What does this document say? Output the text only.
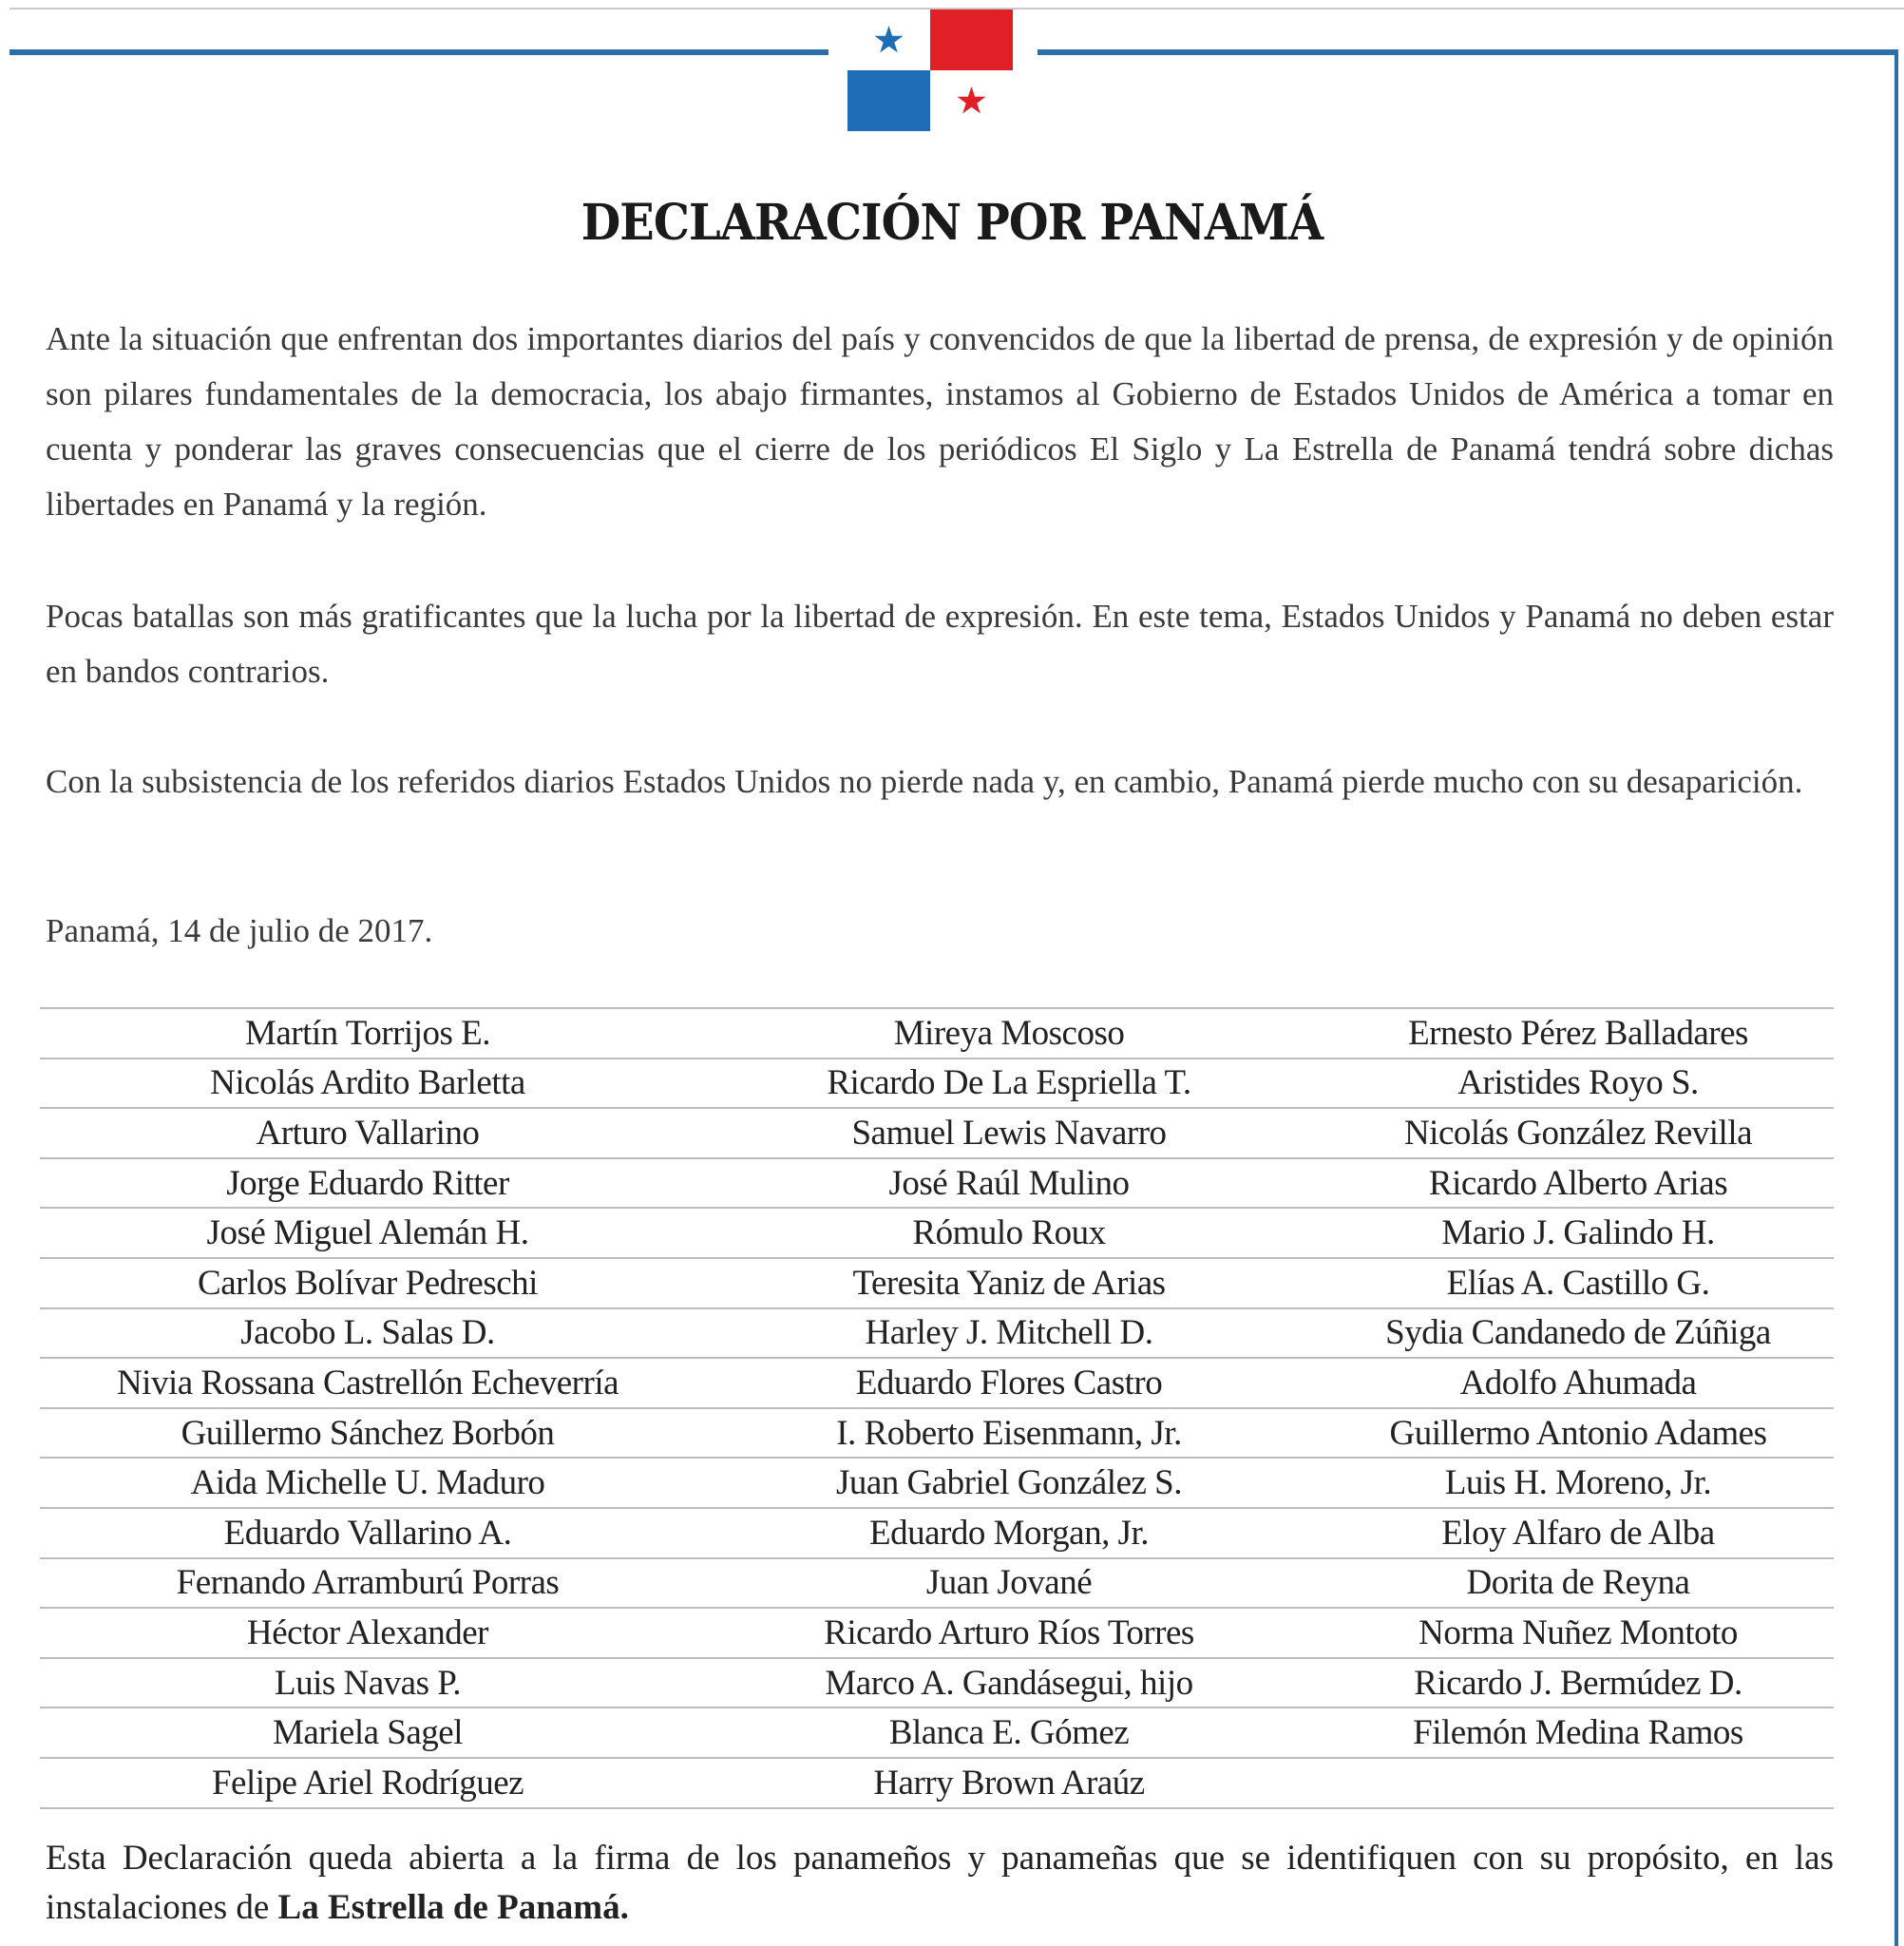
DECLARACIÓN POR PANAMÁ
Ante la situación que enfrentan dos importantes diarios del país y convencidos de que la libertad de prensa, de expresión y de opinión son pilares fundamentales de la democracia, los abajo firmantes, instamos al Gobierno de Estados Unidos de América a tomar en cuenta y ponderar las graves consecuencias que el cierre de los periódicos El Siglo y La Estrella de Panamá tendrá sobre dichas libertades en Panamá y la región.
Pocas batallas son más gratificantes que la lucha por la libertad de expresión. En este tema, Estados Unidos y Panamá no deben estar en bandos contrarios.
Con la subsistencia de los referidos diarios Estados Unidos no pierde nada y, en cambio, Panamá pierde mucho con su desaparición.
Panamá, 14 de julio de 2017.
Martín Torrijos E.	Mireya Moscoso	Ernesto Pérez Balladares
Nicolás Ardito Barletta	Ricardo De La Espriella T.	Aristides Royo S.
Arturo Vallarino	Samuel Lewis Navarro	Nicolás González Revilla
Jorge Eduardo Ritter	José Raúl Mulino	Ricardo Alberto Arias
José Miguel Alemán H.	Rómulo Roux	Mario J. Galindo H.
Carlos Bolívar Pedreschi	Teresita Yaniz de Arias	Elías A. Castillo G.
Jacobo L. Salas D.	Harley J. Mitchell D.	Sydia Candanedo de Zúñiga
Nivia Rossana Castrellón Echeverría	Eduardo Flores Castro	Adolfo Ahumada
Guillermo Sánchez Borbón	I. Roberto Eisenmann, Jr.	Guillermo Antonio Adames
Aida Michelle U. Maduro	Juan Gabriel González S.	Luis H. Moreno, Jr.
Eduardo Vallarino A.	Eduardo Morgan, Jr.	Eloy Alfaro de Alba
Fernando Arramburú Porras	Juan Jované	Dorita de Reyna
Héctor Alexander	Ricardo Arturo Ríos Torres	Norma Nuñez Montoto
Luis Navas P.	Marco A. Gandásegui, hijo	Ricardo J. Bermúdez D.
Mariela Sagel	Blanca E. Gómez	Filemón Medina Ramos
Felipe Ariel Rodríguez	Harry Brown Araúz	
Esta Declaración queda abierta a la firma de los panameños y panameñas que se identifiquen con su propósito, en las instalaciones de La Estrella de Panamá.
